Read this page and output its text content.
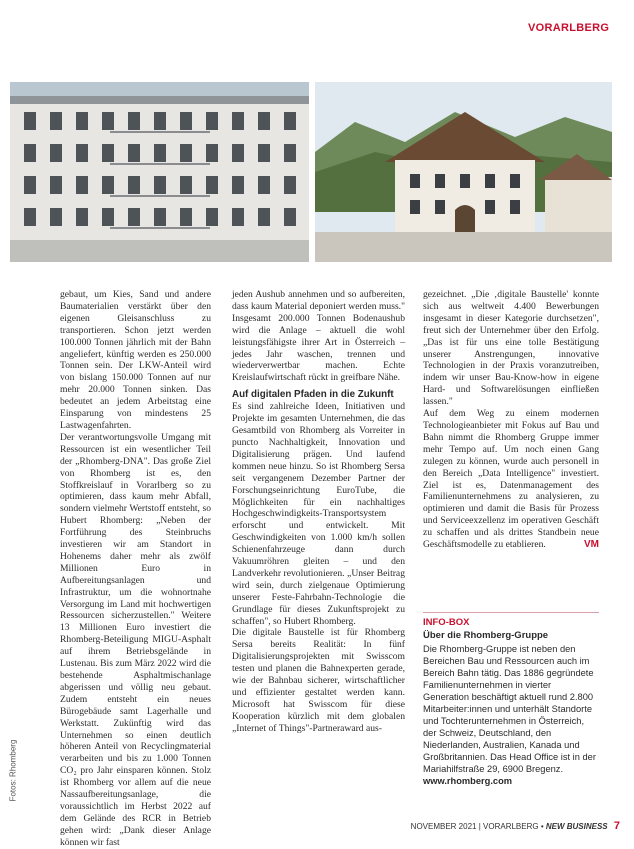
VORARLBERG

gebaut, um Kies, Sand und andere Baumaterialien verstärkt über den eigenen Gleisanschluss zu transportieren. Schon jetzt werden 100.000 Tonnen jährlich mit der Bahn angeliefert, künftig werden es 250.000 Tonnen sein. Der LKW-Anteil wird von bislang 150.000 Tonnen auf nur mehr 20.000 Tonnen sinken. Das bedeutet an jedem Arbeitstag eine Einsparung von mindestens 25 Lastwagenfahrten.

Der verantwortungsvolle Umgang mit Ressourcen ist ein wesentlicher Teil der „Rhomberg-DNA". Das große Ziel von Rhomberg ist es, den Stoffkreislauf in Vorarlberg so zu optimieren, dass kaum mehr Abfall, sondern vielmehr Wertstoff entsteht, so Hubert Rhomberg: „Neben der Fortführung des Steinbruchs investieren wir am Standort in Hohenems daher mehr als zwölf Millionen Euro in Aufbereitungsanlagen und Infrastruktur, um die wohnortnahe Versorgung im Land mit hochwertigen Ressourcen sicherzustellen." Weitere 13 Millionen Euro investiert die Rhomberg-Beteiligung MIGU-Asphalt auf ihrem Betriebsgelände in Lustenau. Bis zum März 2022 wird die bestehende Asphaltmischanlage abgerissen und völlig neu gebaut. Zudem entsteht ein neues Bürogebäude samt Lagerhalle und Werkstatt. Zukünftig wird das Unternehmen so einen deutlich höheren Anteil von Recyclingmaterial verarbeiten und bis zu 1.000 Tonnen CO₂ pro Jahr einsparen können. Stolz ist Rhomberg vor allem auf die neue Nassaufbereitungsanlage, die voraussichtlich im Herbst 2022 auf dem Gelände des RCR in Betrieb gehen wird: „Dank dieser Anlage können wir fast

Fotos: Rhomberg

jeden Aushub annehmen und so aufbereiten, dass kaum Material deponiert werden muss." Insgesamt 200.000 Tonnen Bodenaushub wird die Anlage – aktuell die wohl leistungsfähigste ihrer Art in Österreich – jedes Jahr waschen, trennen und wiederverwertbar machen. Echte Kreislaufwirtschaft rückt in greifbare Nähe.

Auf digitalen Pfaden in die Zukunft

Es sind zahlreiche Ideen, Initiativen und Projekte im gesamten Unternehmen, die das Gesamtbild von Rhomberg als Vorreiter in puncto Nachhaltigkeit, Innovation und Digitalisierung prägen. Und laufend kommen neue hinzu. So ist Rhomberg Sersa seit vergangenem Dezember Partner der Forschungseinrichtung EuroTube, die Möglichkeiten für ein nachhaltiges Hochgeschwindigkeits-Transportsystem erforscht und entwickelt. Mit Geschwindigkeiten von 1.000 km/h sollen Schienenfahrzeuge dann durch Vakuumröhren gleiten – und den Landverkehr revolutionieren. „Unser Beitrag wird sein, durch zielgenaue Optimierung unserer Feste-Fahrbahn-Technologie die Grundlage für dieses Zukunftsprojekt zu schaffen", so Hubert Rhomberg.

Die digitale Baustelle ist für Rhomberg Sersa bereits Realität: In fünf Digitalisierungsprojekten mit Swisscom testen und planen die Bahnexperten gerade, wie der Bahnbau sicherer, wirtschaftlicher und effizienter gestaltet werden kann. Microsoft hat Swisscom für diese Kooperation kürzlich mit dem globalen „Internet of Things"-Partneraward aus-

gezeichnet. „Die ‚digitale Baustelle' konnte sich aus weltweit 4.400 Bewerbungen insgesamt in dieser Kategorie durchsetzen", freut sich der Unternehmer über den Erfolg. „Das ist für uns eine tolle Bestätigung unserer Anstrengungen, innovative Technologien in der Praxis voranzutreiben, indem wir unser Bau-Know-how in eigene Hard- und Softwarelösungen einfließen lassen."

Auf dem Weg zu einem modernen Technologieanbieter mit Fokus auf Bau und Bahn nimmt die Rhomberg Gruppe immer mehr Tempo auf. Um noch einen Gang zulegen zu können, wurde auch personell in den Bereich „Data Intelligence" investiert. Ziel ist es, Datenmanagement des Familienunternehmens zu analysieren, zu optimieren und damit die Basis für Prozess und Serviceexzellenz im operativen Geschäft zu schaffen und als drittes Standbein neue Geschäftsmodelle zu etablieren.	VM

INFO-BOX
Über die Rhomberg-Gruppe
Die Rhomberg-Gruppe ist neben den Bereichen Bau und Ressourcen auch im Bereich Bahn tätig. Das 1886 gegründete Familienunternehmen in vierter Generation beschäftigt aktuell rund 2.800 Mitarbeiter:innen und unterhält Standorte und Tochterunternehmen in Österreich, der Schweiz, Deutschland, den Niederlanden, Australien, Kanada und Großbritannien. Das Head Office ist in der Mariahilfstraße 29, 6900 Bregenz.
www.rhomberg.com
NOVEMBER 2021 | VORARLBERG • NEW BUSINESS 7
